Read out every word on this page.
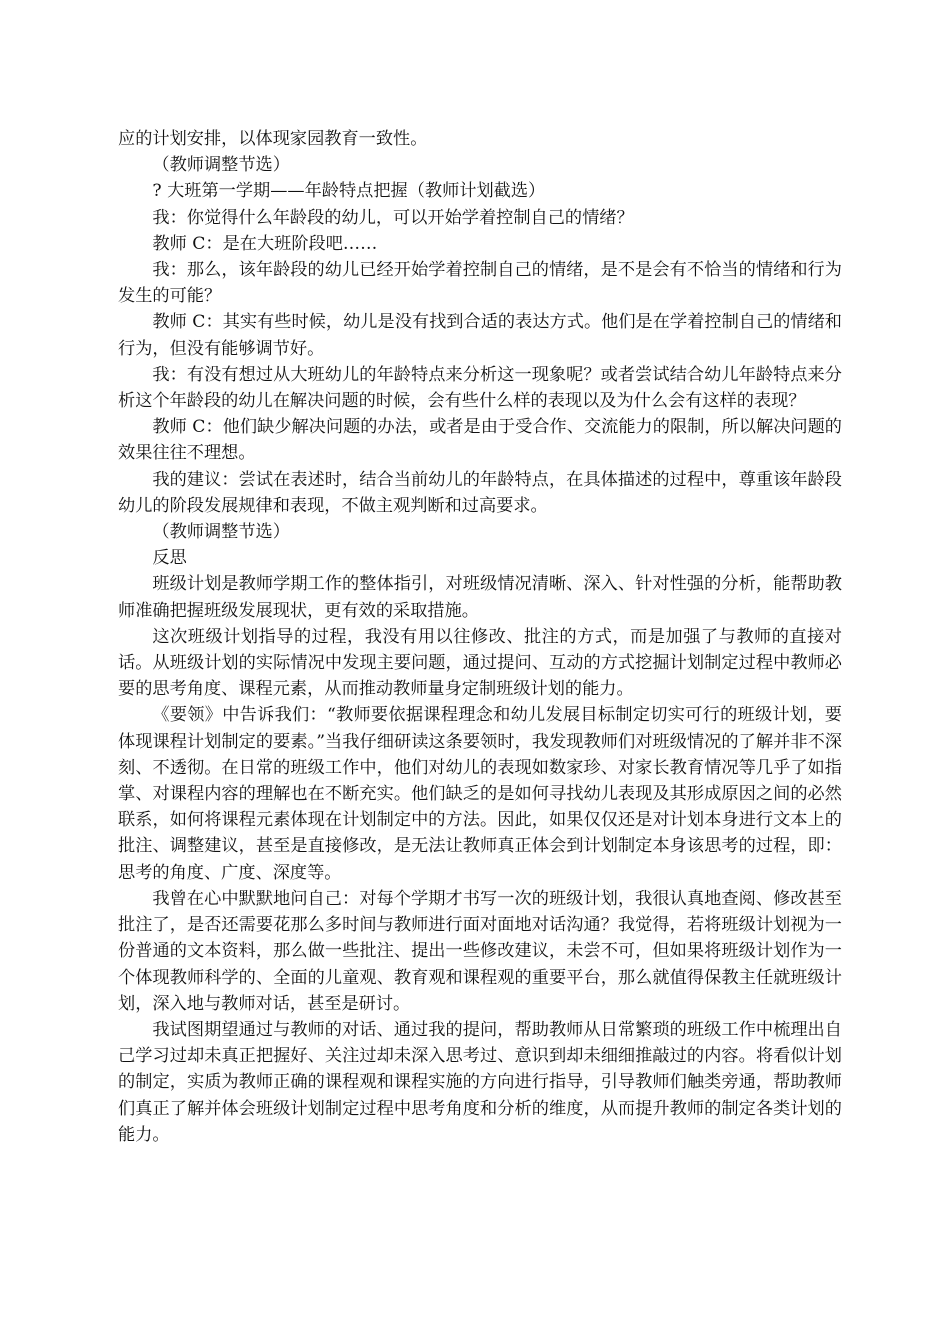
应的计划安排，以体现家园教育一致性。

（教师调整节选）

? 大班第一学期——年龄特点把握（教师计划截选）

我：你觉得什么年龄段的幼儿，可以开始学着控制自己的情绪？

教师 C：是在大班阶段吧……

我：那么，该年龄段的幼儿已经开始学着控制自己的情绪，是不是会有不恰当的情绪和行为发生的可能？

教师 C：其实有些时候，幼儿是没有找到合适的表达方式。他们是在学着控制自己的情绪和行为，但没有能够调节好。

我：有没有想过从大班幼儿的年龄特点来分析这一现象呢？或者尝试结合幼儿年龄特点来分析这个年龄段的幼儿在解决问题的时候，会有些什么样的表现以及为什么会有这样的表现？

教师 C：他们缺少解决问题的办法，或者是由于受合作、交流能力的限制，所以解决问题的效果往往不理想。

我的建议：尝试在表述时，结合当前幼儿的年龄特点，在具体描述的过程中，尊重该年龄段幼儿的阶段发展规律和表现，不做主观判断和过高要求。

（教师调整节选）

反思

班级计划是教师学期工作的整体指引，对班级情况清晰、深入、针对性强的分析，能帮助教师准确把握班级发展现状，更有效的采取措施。

这次班级计划指导的过程，我没有用以往修改、批注的方式，而是加强了与教师的直接对话。从班级计划的实际情况中发现主要问题，通过提问、互动的方式挖掘计划制定过程中教师必要的思考角度、课程元素，从而推动教师量身定制班级计划的能力。

《要领》中告诉我们：“教师要依据课程理念和幼儿发展目标制定切实可行的班级计划，要体现课程计划制定的要素。”当我仔细研读这条要领时，我发现教师们对班级情况的了解并非不深刻、不透彻。在日常的班级工作中，他们对幼儿的表现如数家珍、对家长教育情况等几乎了如指掌、对课程内容的理解也在不断充实。他们缺乏的是如何寻找幼儿表现及其形成原因之间的必然联系，如何将课程元素体现在计划制定中的方法。因此，如果仅仅还是对计划本身进行文本上的批注、调整建议，甚至是直接修改，是无法让教师真正体会到计划制定本身该思考的过程，即：思考的角度、广度、深度等。

我曾在心中默默地问自己：对每个学期才书写一次的班级计划，我很认真地查阅、修改甚至批注了，是否还需要花那么多时间与教师进行面对面地对话沟通？我觉得，若将班级计划视为一份普通的文本资料，那么做一些批注、提出一些修改建议，未尝不可，但如果将班级计划作为一个体现教师科学的、全面的儿童观、教育观和课程观的重要平台，那么就值得保教主任就班级计划，深入地与教师对话，甚至是研讨。

我试图期望通过与教师的对话、通过我的提问，帮助教师从日常繁琐的班级工作中梳理出自己学习过却未真正把握好、关注过却未深入思考过、意识到却未细细推敲过的内容。将看似计划的制定，实质为教师正确的课程观和课程实施的方向进行指导，引导教师们触类旁通，帮助教师们真正了解并体会班级计划制定过程中思考角度和分析的维度，从而提升教师的制定各类计划的能力。
